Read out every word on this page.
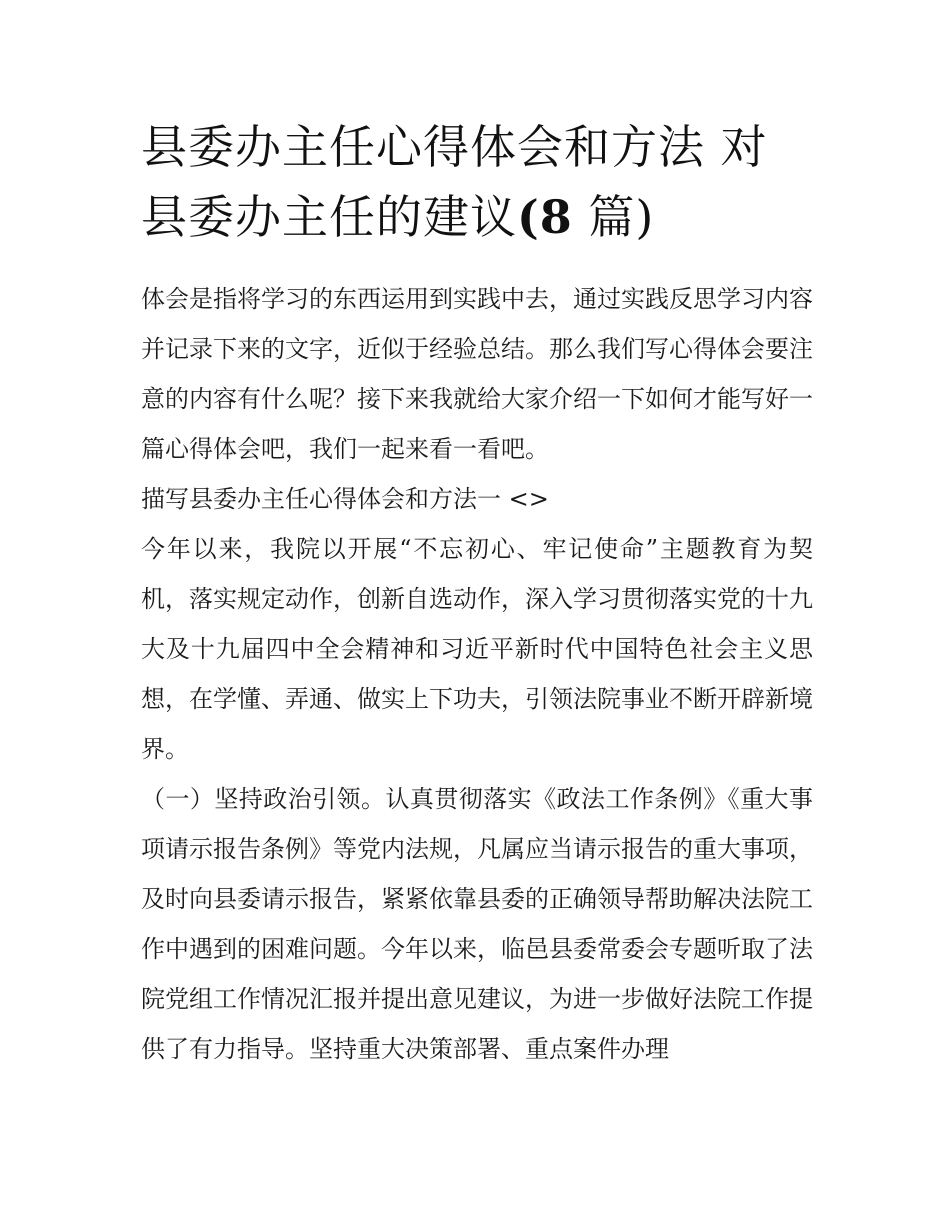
县委办主任心得体会和方法 对县委办主任的建议(8 篇)

体会是指将学习的东西运用到实践中去，通过实践反思学习内容并记录下来的文字，近似于经验总结。那么我们写心得体会要注意的内容有什么呢？接下来我就给大家介绍一下如何才能写好一篇心得体会吧，我们一起来看一看吧。

描写县委办主任心得体会和方法一 <>

今年以来，我院以开展“不忘初心、牢记使命”主题教育为契机，落实规定动作，创新自选动作，深入学习贯彻落实党的十九大及十九届四中全会精神和习近平新时代中国特色社会主义思想，在学懂、弄通、做实上下功夫，引领法院事业不断开辟新境界。

（一）坚持政治引领。认真贯彻落实《政法工作条例》《重大事项请示报告条例》等党内法规，凡属应当请示报告的重大事项，及时向县委请示报告，紧紧依靠县委的正确领导帮助解决法院工作中遇到的困难问题。今年以来，临邑县委常委会专题听取了法院党组工作情况汇报并提出意见建议，为进一步做好法院工作提供了有力指导。坚持重大决策部署、重点案件办理
